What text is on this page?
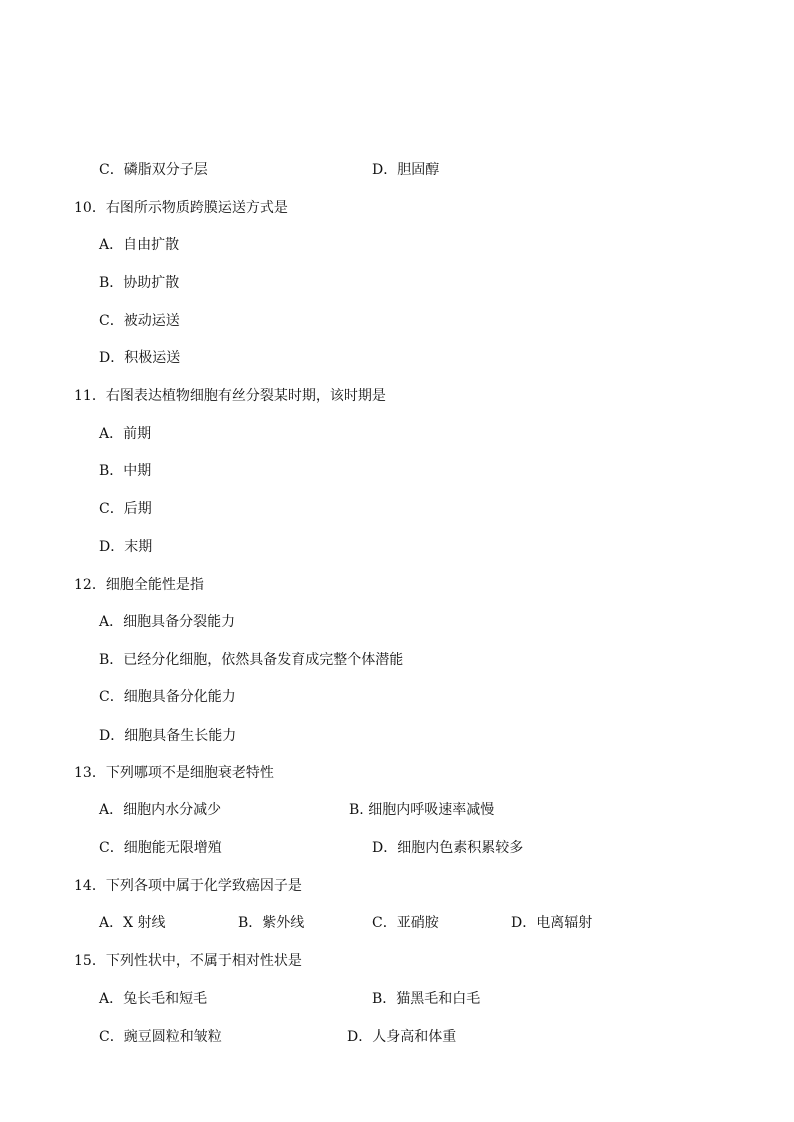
C．磷脂双分子层	D．胆固醇
10．右图所示物质跨膜运送方式是
A．自由扩散
B．协助扩散
C．被动运送
D．积极运送
11．右图表达植物细胞有丝分裂某时期，该时期是
A．前期
B．中期
C．后期
D．末期
12．细胞全能性是指
A．细胞具备分裂能力
B．已经分化细胞，依然具备发育成完整个体潜能
C．细胞具备分化能力
D．细胞具备生长能力
13．下列哪项不是细胞衰老特性
A．细胞内水分减少	B. 细胞内呼吸速率减慢
C．细胞能无限增殖	D．细胞内色素积累较多
14．下列各项中属于化学致癌因子是
A．X 射线	B．紫外线	C．亚硝胺	D．电离辐射
15．下列性状中，不属于相对性状是
A．兔长毛和短毛	B．猫黑毛和白毛
C．豌豆圆粒和皱粒	D．人身高和体重
